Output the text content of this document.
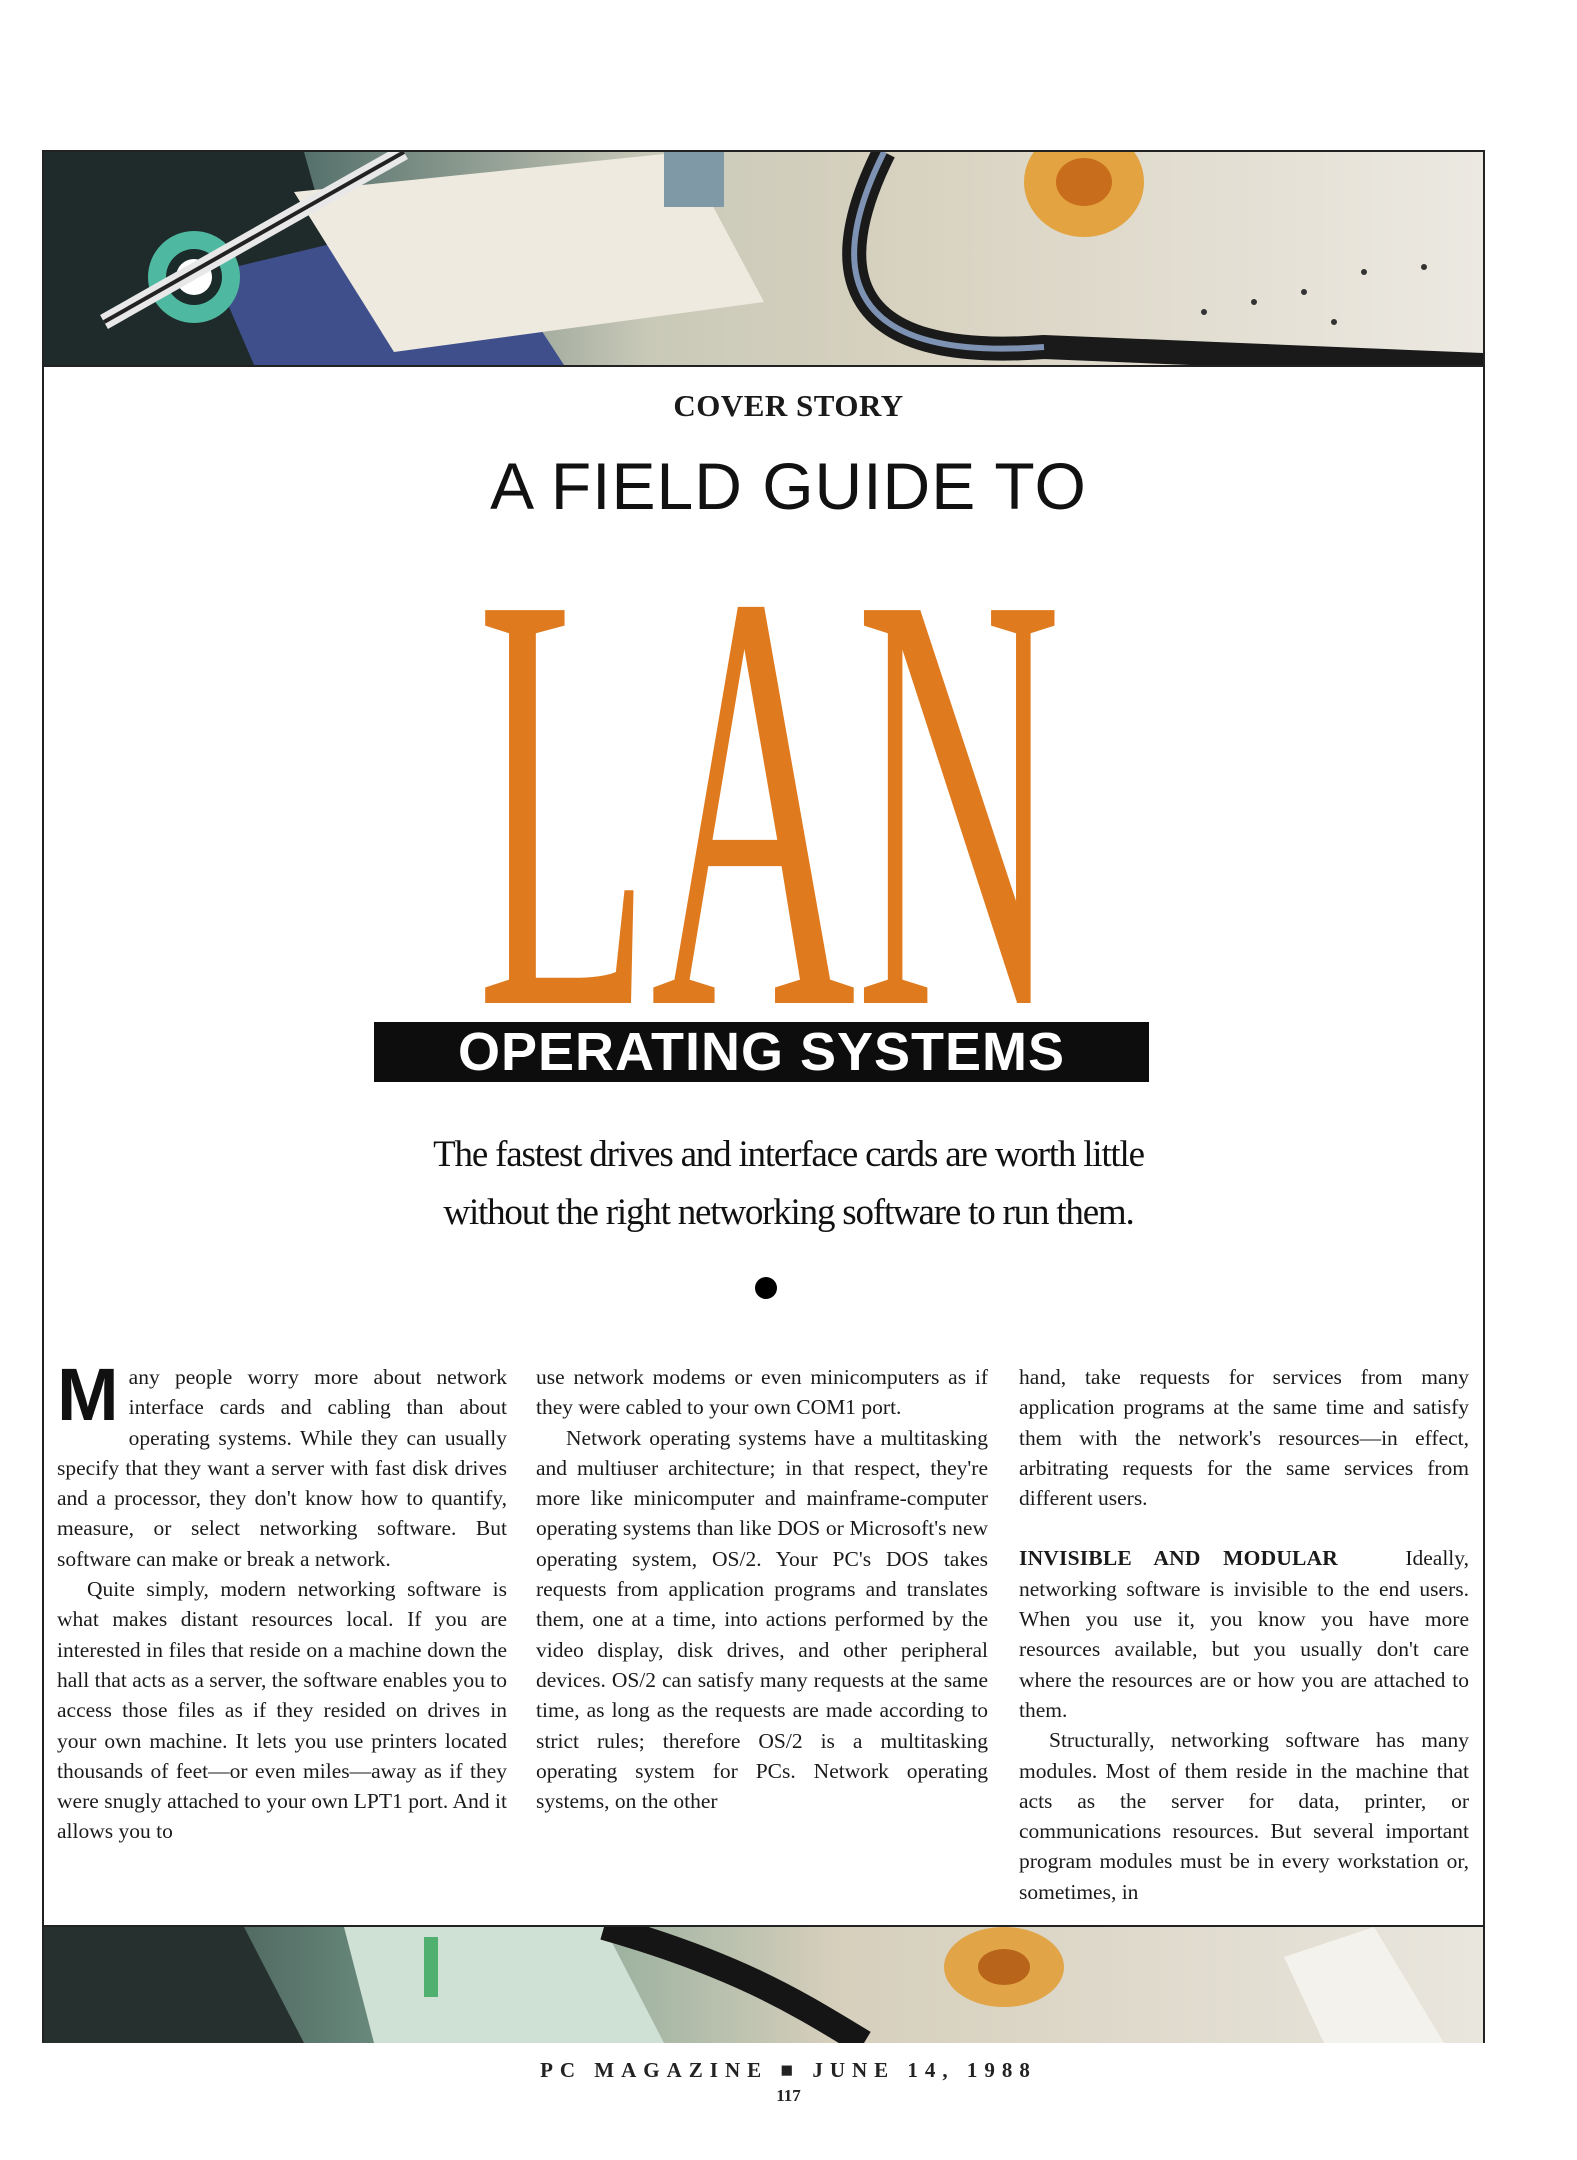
COVER STORY
A FIELD GUIDE TO
LAN
OPERATING SYSTEMS
The fastest drives and interface cards are worth little
without the right networking software to run them.

Many people worry more about network interface cards and cabling than about operating systems. While they can usually specify that they want a server with fast disk drives and a processor, they don't know how to quantify, measure, or select networking software. But software can make or break a network.

Quite simply, modern networking software is what makes distant resources local. If you are interested in files that reside on a machine down the hall that acts as a server, the software enables you to access those files as if they resided on drives in your own machine. It lets you use printers located thousands of feet—or even miles—away as if they were snugly attached to your own LPT1 port. And it allows you to

use network modems or even minicomputers as if they were cabled to your own COM1 port.

Network operating systems have a multitasking and multiuser architecture; in that respect, they're more like minicomputer and mainframe-computer operating systems than like DOS or Microsoft's new operating system, OS/2. Your PC's DOS takes requests from application programs and translates them, one at a time, into actions performed by the video display, disk drives, and other peripheral devices. OS/2 can satisfy many requests at the same time, as long as the requests are made according to strict rules; therefore OS/2 is a multitasking operating system for PCs. Network operating systems, on the other

hand, take requests for services from many application programs at the same time and satisfy them with the network's resources—in effect, arbitrating requests for the same services from different users.

INVISIBLE AND MODULAR	Ideally, networking software is invisible to the end users. When you use it, you know you have more resources available, but you usually don't care where the resources are or how you are attached to them.

Structurally, networking software has many modules. Most of them reside in the machine that acts as the server for data, printer, or communications resources. But several important program modules must be in every workstation or, sometimes, in

PC MAGAZINE ■ JUNE 14, 1988
117
